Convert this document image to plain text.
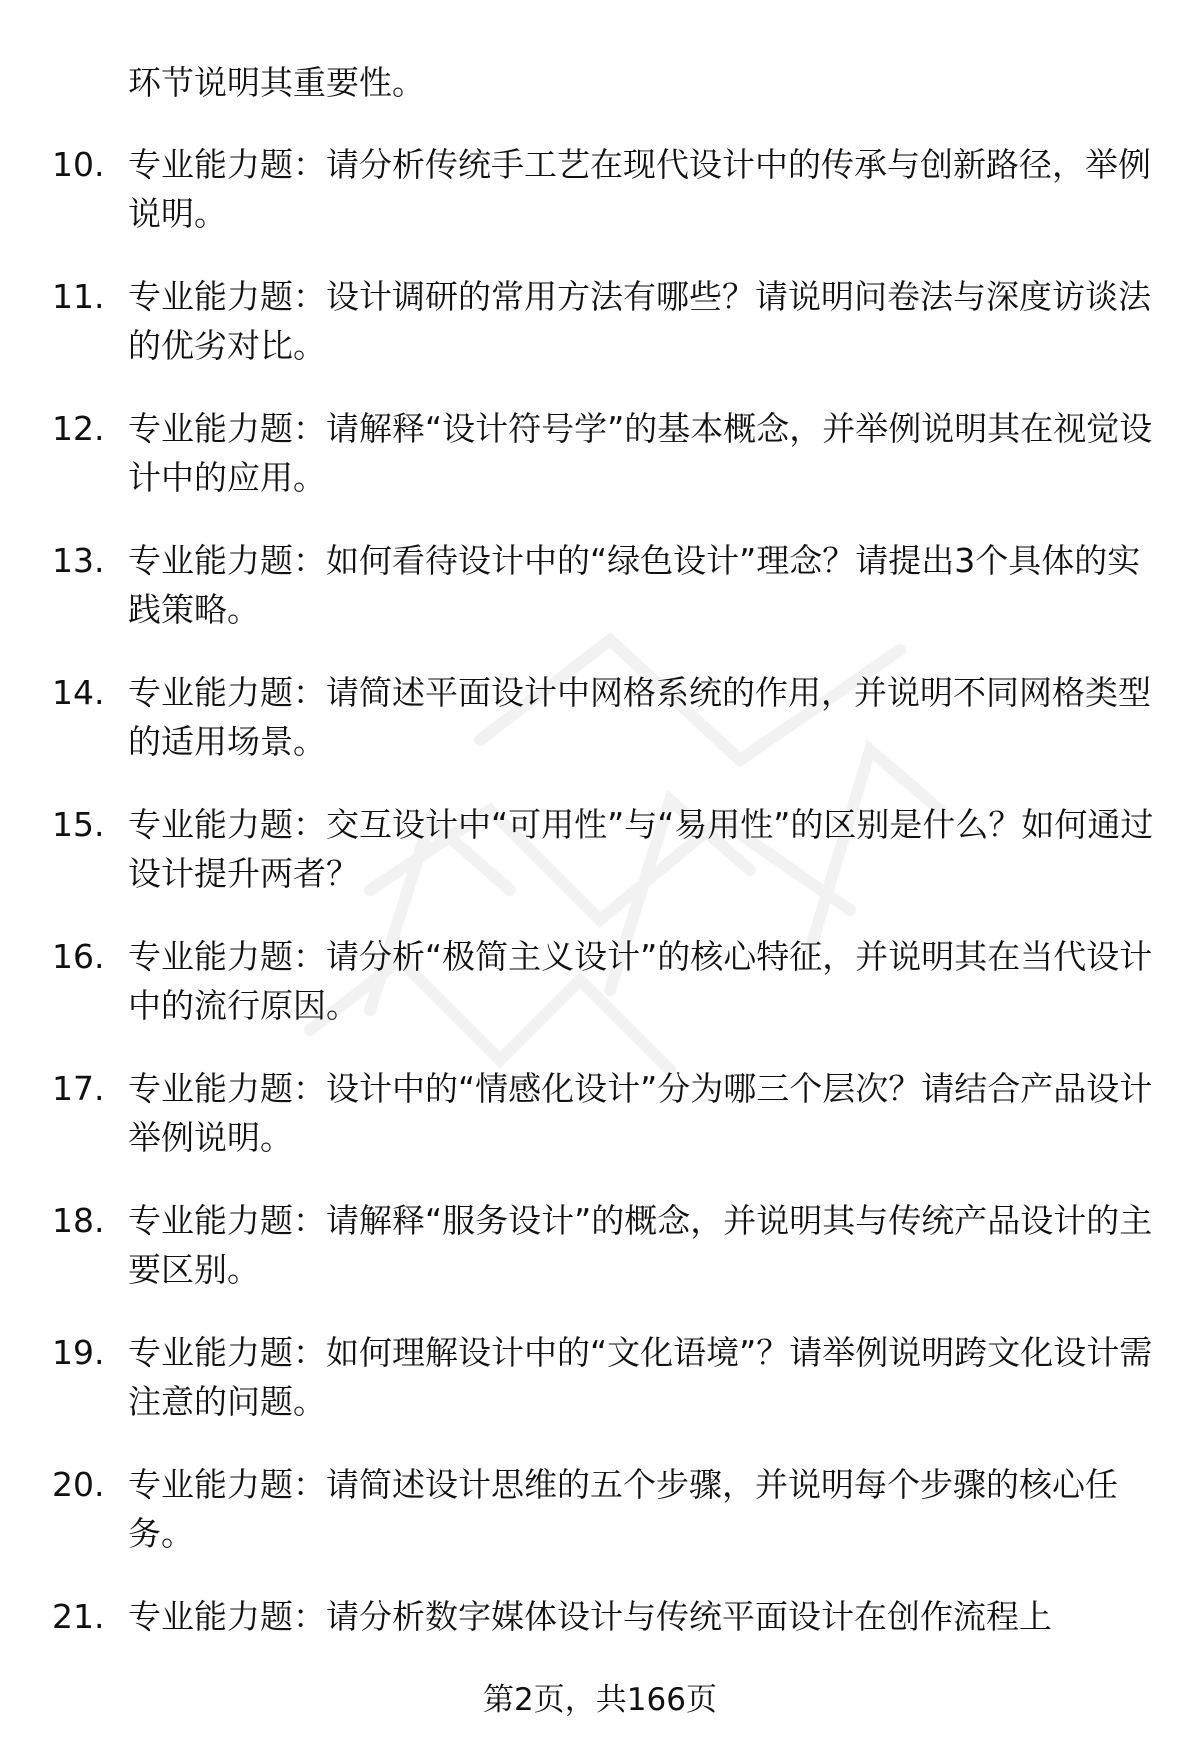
环节说明其重要性。

10. 专业能力题：请分析传统手工艺在现代设计中的传承与创新路径，举例说明。
11. 专业能力题：设计调研的常用方法有哪些？请说明问卷法与深度访谈法的优劣对比。
12. 专业能力题：请解释“设计符号学”的基本概念，并举例说明其在视觉设计中的应用。
13. 专业能力题：如何看待设计中的“绿色设计”理念？请提出3个具体的实践策略。
14. 专业能力题：请简述平面设计中网格系统的作用，并说明不同网格类型的适用场景。
15. 专业能力题：交互设计中“可用性”与“易用性”的区别是什么？如何通过设计提升两者？
16. 专业能力题：请分析“极简主义设计”的核心特征，并说明其在当代设计中的流行原因。
17. 专业能力题：设计中的“情感化设计”分为哪三个层次？请结合产品设计举例说明。
18. 专业能力题：请解释“服务设计”的概念，并说明其与传统产品设计的主要区别。
19. 专业能力题：如何理解设计中的“文化语境”？请举例说明跨文化设计需注意的问题。
20. 专业能力题：请简述设计思维的五个步骤，并说明每个步骤的核心任务。
21. 专业能力题：请分析数字媒体设计与传统平面设计在创作流程上
第2页，共166页
